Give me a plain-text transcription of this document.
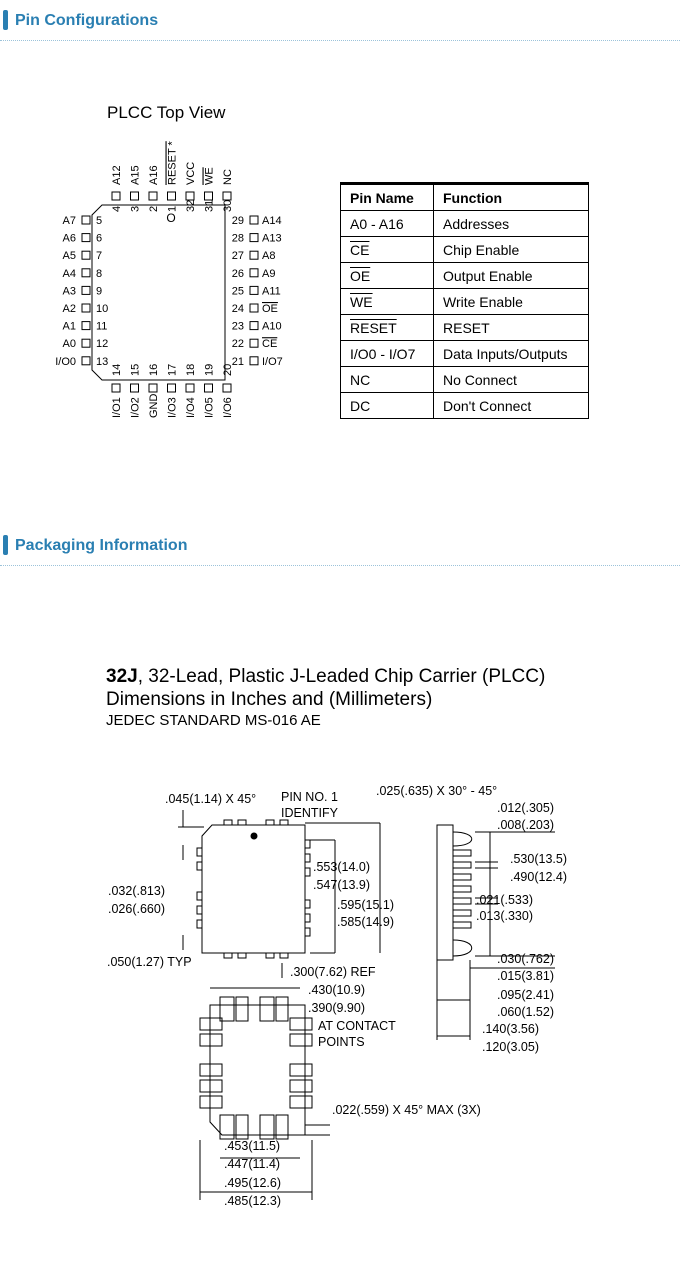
Pin Configurations
PLCC Top View
4
A12
3
A15
2
A16
1
RESET *
32
VCC
31
WE
30
NC
O
A7 5
A6 6
A5 7
A4 8
A3 9
A2 10
A1 11
A0 12
I/O0 13
A14
29
A13
28
A8
27
A9
26
A11
25
OE
24
A10
23
CE
22
I/O7
21
14
I/O1
15
I/O2
16
GND
17
I/O3
18
I/O4
19
I/O5
20
I/O6
Pin Name	Function
A0 - A16	Addresses
$\overline{CE}$	Chip Enable
$\overline{OE}$	Output Enable
$\overline{WE}$	Write Enable
RESET	RESET
I/O0 - I/O7	Data Inputs/Outputs
NC	No Connect
DC	Don't Connect
Packaging Information
32J, 32-Lead, Plastic J-Leaded Chip Carrier (PLCC)
Dimensions in Inches and (Millimeters)
JEDEC STANDARD MS-016 AE
.045(1.14) X 45° PIN NO. 1
IDENTIFY
.553(14.0)
.547(13.9)
.595(15.1)
.585(14.9)
.032(.813)
.026(.660)
.050(1.27) TYP
.300(7.62) REF
.430(10.9)
.390(9.90)
AT CONTACT
POINTS
.022(.559) X 45° MAX (3X)
.453(11.5)
.447(11.4)
.495(12.6)
.485(12.3)
.025(.635) X 30° - 45°
.012(.305)
.008(.203)
.530(13.5)
.490(12.4)
.021(.533)
.013(.330)
.030(.762)
.015(3.81)
.095(2.41)
.060(1.52)
.140(3.56)
.120(3.05)
